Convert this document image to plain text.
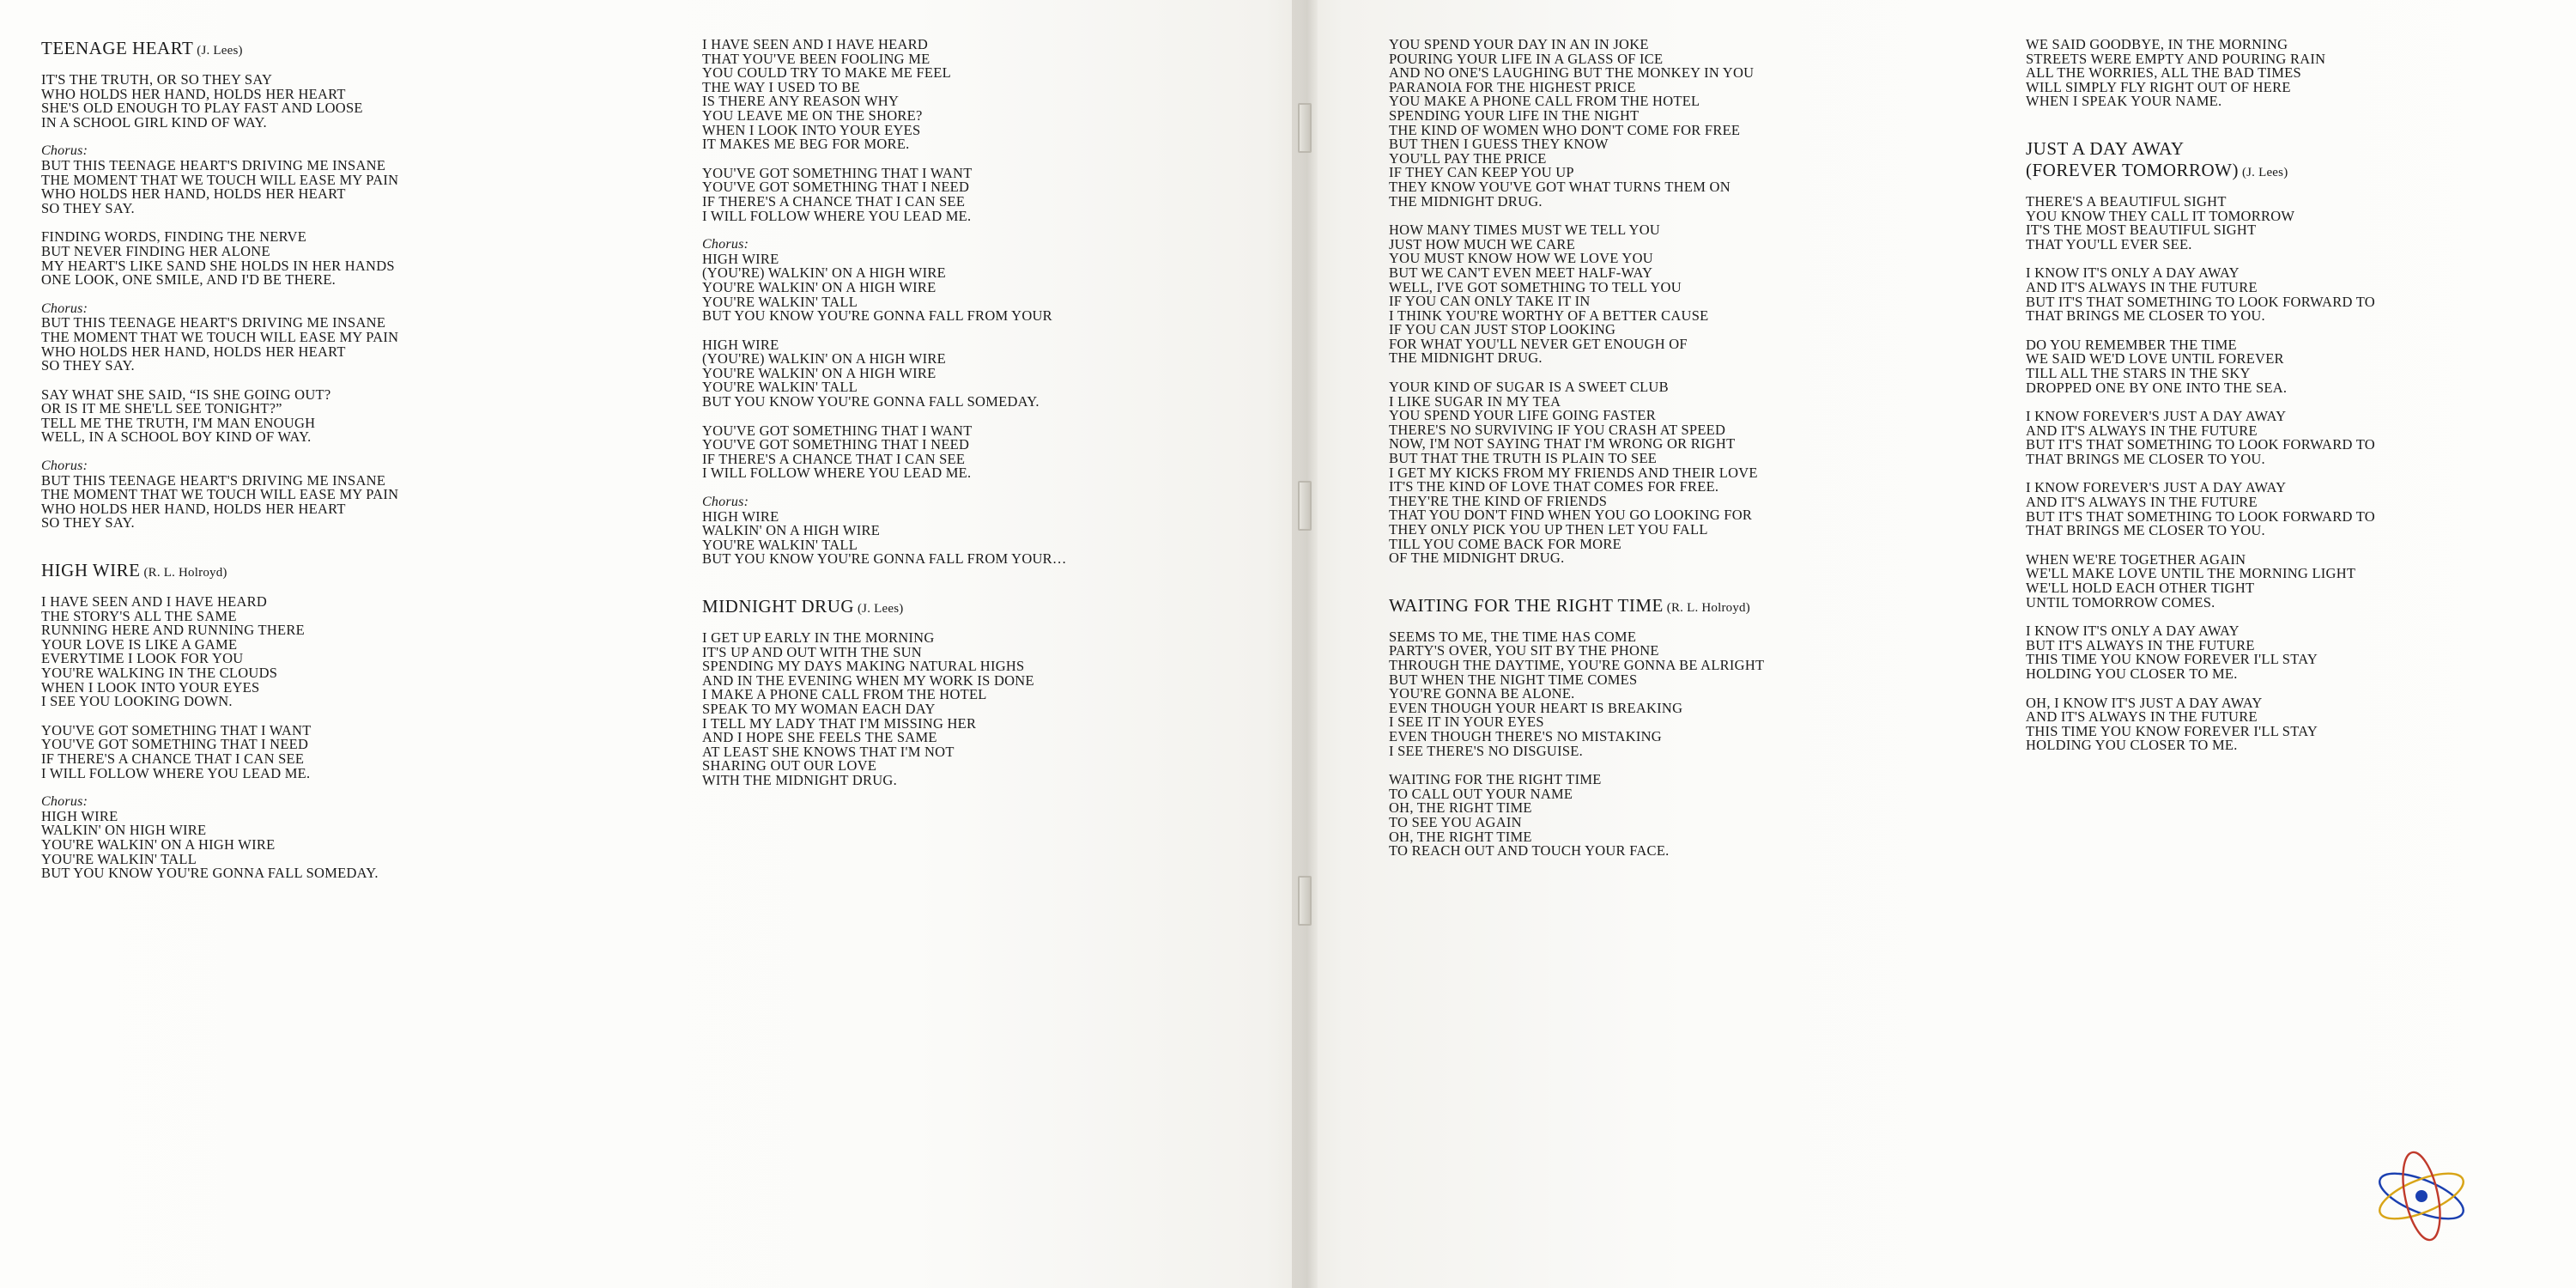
TEENAGE HEART (J. Lees)
IT'S THE TRUTH, OR SO THEY SAY
WHO HOLDS HER HAND, HOLDS HER HEART
SHE'S OLD ENOUGH TO PLAY FAST AND LOOSE
IN A SCHOOL GIRL KIND OF WAY.
Chorus:
BUT THIS TEENAGE HEART'S DRIVING ME INSANE
THE MOMENT THAT WE TOUCH WILL EASE MY PAIN
WHO HOLDS HER HAND, HOLDS HER HEART
SO THEY SAY.
FINDING WORDS, FINDING THE NERVE
BUT NEVER FINDING HER ALONE
MY HEART'S LIKE SAND SHE HOLDS IN HER HANDS
ONE LOOK, ONE SMILE, AND I'D BE THERE.
Chorus:
BUT THIS TEENAGE HEART'S DRIVING ME INSANE
THE MOMENT THAT WE TOUCH WILL EASE MY PAIN
WHO HOLDS HER HAND, HOLDS HER HEART
SO THEY SAY.
SAY WHAT SHE SAID, “IS SHE GOING OUT?
OR IS IT ME SHE'LL SEE TONIGHT?”
TELL ME THE TRUTH, I'M MAN ENOUGH
WELL, IN A SCHOOL BOY KIND OF WAY.
Chorus:
BUT THIS TEENAGE HEART'S DRIVING ME INSANE
THE MOMENT THAT WE TOUCH WILL EASE MY PAIN
WHO HOLDS HER HAND, HOLDS HER HEART
SO THEY SAY.
HIGH WIRE (R. L. Holroyd)
I HAVE SEEN AND I HAVE HEARD
THE STORY'S ALL THE SAME
RUNNING HERE AND RUNNING THERE
YOUR LOVE IS LIKE A GAME
EVERYTIME I LOOK FOR YOU
YOU'RE WALKING IN THE CLOUDS
WHEN I LOOK INTO YOUR EYES
I SEE YOU LOOKING DOWN.
YOU'VE GOT SOMETHING THAT I WANT
YOU'VE GOT SOMETHING THAT I NEED
IF THERE'S A CHANCE THAT I CAN SEE
I WILL FOLLOW WHERE YOU LEAD ME.
Chorus:
HIGH WIRE
WALKIN' ON HIGH WIRE
YOU'RE WALKIN' ON A HIGH WIRE
YOU'RE WALKIN' TALL
BUT YOU KNOW YOU'RE GONNA FALL SOMEDAY.
I HAVE SEEN AND I HAVE HEARD
THAT YOU'VE BEEN FOOLING ME
YOU COULD TRY TO MAKE ME FEEL
THE WAY I USED TO BE
IS THERE ANY REASON WHY
YOU LEAVE ME ON THE SHORE?
WHEN I LOOK INTO YOUR EYES
IT MAKES ME BEG FOR MORE.
YOU'VE GOT SOMETHING THAT I WANT
YOU'VE GOT SOMETHING THAT I NEED
IF THERE'S A CHANCE THAT I CAN SEE
I WILL FOLLOW WHERE YOU LEAD ME.
Chorus:
HIGH WIRE
(YOU'RE) WALKIN' ON A HIGH WIRE
YOU'RE WALKIN' ON A HIGH WIRE
YOU'RE WALKIN' TALL
BUT YOU KNOW YOU'RE GONNA FALL FROM YOUR
HIGH WIRE
(YOU'RE) WALKIN' ON A HIGH WIRE
YOU'RE WALKIN' ON A HIGH WIRE
YOU'RE WALKIN' TALL
BUT YOU KNOW YOU'RE GONNA FALL SOMEDAY.
YOU'VE GOT SOMETHING THAT I WANT
YOU'VE GOT SOMETHING THAT I NEED
IF THERE'S A CHANCE THAT I CAN SEE
I WILL FOLLOW WHERE YOU LEAD ME.
Chorus:
HIGH WIRE
WALKIN' ON A HIGH WIRE
YOU'RE WALKIN' TALL
BUT YOU KNOW YOU'RE GONNA FALL FROM YOUR…
MIDNIGHT DRUG (J. Lees)
I GET UP EARLY IN THE MORNING
IT'S UP AND OUT WITH THE SUN
SPENDING MY DAYS MAKING NATURAL HIGHS
AND IN THE EVENING WHEN MY WORK IS DONE
I MAKE A PHONE CALL FROM THE HOTEL
SPEAK TO MY WOMAN EACH DAY
I TELL MY LADY THAT I'M MISSING HER
AND I HOPE SHE FEELS THE SAME
AT LEAST SHE KNOWS THAT I'M NOT
SHARING OUT OUR LOVE
WITH THE MIDNIGHT DRUG.
YOU SPEND YOUR DAY IN AN IN JOKE
POURING YOUR LIFE IN A GLASS OF ICE
AND NO ONE'S LAUGHING BUT THE MONKEY IN YOU
PARANOIA FOR THE HIGHEST PRICE
YOU MAKE A PHONE CALL FROM THE HOTEL
SPENDING YOUR LIFE IN THE NIGHT
THE KIND OF WOMEN WHO DON'T COME FOR FREE
BUT THEN I GUESS THEY KNOW
YOU'LL PAY THE PRICE
IF THEY CAN KEEP YOU UP
THEY KNOW YOU'VE GOT WHAT TURNS THEM ON
THE MIDNIGHT DRUG.
HOW MANY TIMES MUST WE TELL YOU
JUST HOW MUCH WE CARE
YOU MUST KNOW HOW WE LOVE YOU
BUT WE CAN'T EVEN MEET HALF-WAY
WELL, I'VE GOT SOMETHING TO TELL YOU
IF YOU CAN ONLY TAKE IT IN
I THINK YOU'RE WORTHY OF A BETTER CAUSE
IF YOU CAN JUST STOP LOOKING
FOR WHAT YOU'LL NEVER GET ENOUGH OF
THE MIDNIGHT DRUG.
YOUR KIND OF SUGAR IS A SWEET CLUB
I LIKE SUGAR IN MY TEA
YOU SPEND YOUR LIFE GOING FASTER
THERE'S NO SURVIVING IF YOU CRASH AT SPEED
NOW, I'M NOT SAYING THAT I'M WRONG OR RIGHT
BUT THAT THE TRUTH IS PLAIN TO SEE
I GET MY KICKS FROM MY FRIENDS AND THEIR LOVE
IT'S THE KIND OF LOVE THAT COMES FOR FREE.
THEY'RE THE KIND OF FRIENDS
THAT YOU DON'T FIND WHEN YOU GO LOOKING FOR
THEY ONLY PICK YOU UP THEN LET YOU FALL
TILL YOU COME BACK FOR MORE
OF THE MIDNIGHT DRUG.
WAITING FOR THE RIGHT TIME (R. L. Holroyd)
SEEMS TO ME, THE TIME HAS COME
PARTY'S OVER, YOU SIT BY THE PHONE
THROUGH THE DAYTIME, YOU'RE GONNA BE ALRIGHT
BUT WHEN THE NIGHT TIME COMES
YOU'RE GONNA BE ALONE.
EVEN THOUGH YOUR HEART IS BREAKING
I SEE IT IN YOUR EYES
EVEN THOUGH THERE'S NO MISTAKING
I SEE THERE'S NO DISGUISE.
WAITING FOR THE RIGHT TIME
TO CALL OUT YOUR NAME
OH, THE RIGHT TIME
TO SEE YOU AGAIN
OH, THE RIGHT TIME
TO REACH OUT AND TOUCH YOUR FACE.
WE SAID GOODBYE, IN THE MORNING
STREETS WERE EMPTY AND POURING RAIN
ALL THE WORRIES, ALL THE BAD TIMES
WILL SIMPLY FLY RIGHT OUT OF HERE
WHEN I SPEAK YOUR NAME.
JUST A DAY AWAY
(FOREVER TOMORROW) (J. Lees)
THERE'S A BEAUTIFUL SIGHT
YOU KNOW THEY CALL IT TOMORROW
IT'S THE MOST BEAUTIFUL SIGHT
THAT YOU'LL EVER SEE.
I KNOW IT'S ONLY A DAY AWAY
AND IT'S ALWAYS IN THE FUTURE
BUT IT'S THAT SOMETHING TO LOOK FORWARD TO
THAT BRINGS ME CLOSER TO YOU.
DO YOU REMEMBER THE TIME
WE SAID WE'D LOVE UNTIL FOREVER
TILL ALL THE STARS IN THE SKY
DROPPED ONE BY ONE INTO THE SEA.
I KNOW FOREVER'S JUST A DAY AWAY
AND IT'S ALWAYS IN THE FUTURE
BUT IT'S THAT SOMETHING TO LOOK FORWARD TO
THAT BRINGS ME CLOSER TO YOU.
I KNOW FOREVER'S JUST A DAY AWAY
AND IT'S ALWAYS IN THE FUTURE
BUT IT'S THAT SOMETHING TO LOOK FORWARD TO
THAT BRINGS ME CLOSER TO YOU.
WHEN WE'RE TOGETHER AGAIN
WE'LL MAKE LOVE UNTIL THE MORNING LIGHT
WE'LL HOLD EACH OTHER TIGHT
UNTIL TOMORROW COMES.
I KNOW IT'S ONLY A DAY AWAY
BUT IT'S ALWAYS IN THE FUTURE
THIS TIME YOU KNOW FOREVER I'LL STAY
HOLDING YOU CLOSER TO ME.
OH, I KNOW IT'S JUST A DAY AWAY
AND IT'S ALWAYS IN THE FUTURE
THIS TIME YOU KNOW FOREVER I'LL STAY
HOLDING YOU CLOSER TO ME.
